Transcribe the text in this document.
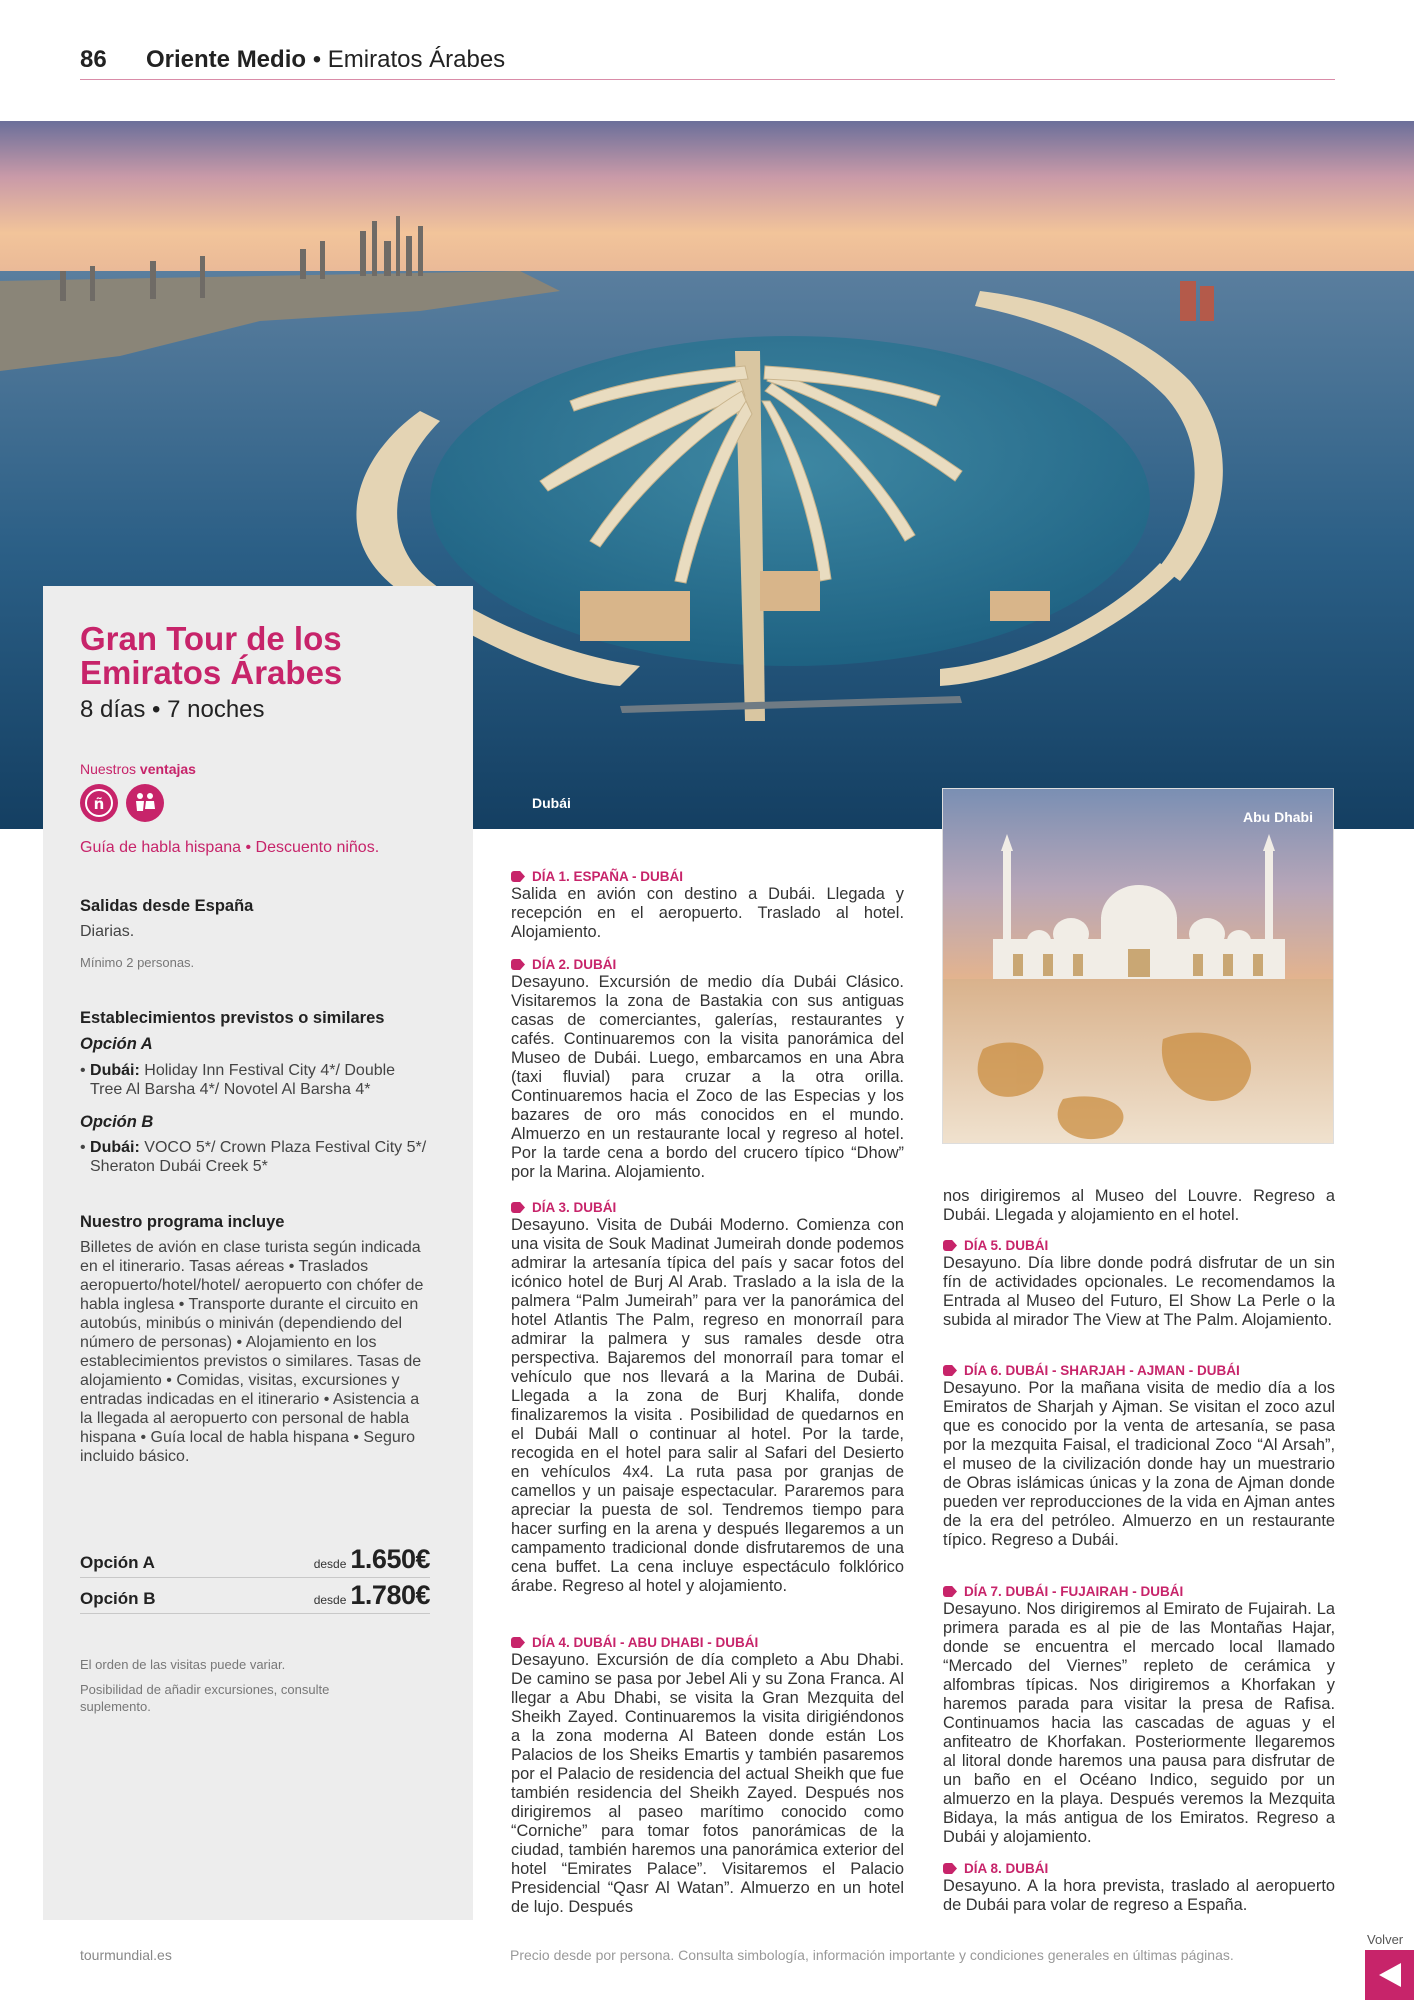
86 Oriente Medio • Emiratos Árabes
Dubái
Gran Tour de los Emiratos Árabes
8 días • 7 noches
Nuestros ventajas
ñ

Guía de habla hispana • Descuento niños.
Salidas desde España
Diarias.
Mínimo 2 personas.
Establecimientos previstos o similares
Opción A
• Dubái: Holiday Inn Festival City 4*/ Double Tree Al Barsha 4*/ Novotel Al Barsha 4*
Opción B
• Dubái: VOCO 5*/ Crown Plaza Festival City 5*/ Sheraton Dubái Creek 5*
Nuestro programa incluye
Billetes de avión en clase turista según indicada en el itinerario. Tasas aéreas • Traslados aeropuerto/hotel/hotel/ aeropuerto con chófer de habla inglesa • Transporte durante el circuito en autobús, minibús o miniván (dependiendo del número de personas) • Alojamiento en los establecimientos previstos o similares. Tasas de alojamiento • Comidas, visitas, excursiones y entradas indicadas en el itinerario • Asistencia a la llegada al aeropuerto con personal de habla hispana • Guía local de habla hispana • Seguro incluido básico.
Opción A	desde 1.650€
Opción B	desde 1.780€
El orden de las visitas puede variar.
Posibilidad de añadir excursiones, consulte suplemento.
DÍA 1. ESPAÑA - DUBÁI
Salida en avión con destino a Dubái. Llegada y recepción en el aeropuerto. Traslado al hotel. Alojamiento.
DÍA 2. DUBÁI
Desayuno. Excursión de medio día Dubái Clásico. Visitaremos la zona de Bastakia con sus antiguas casas de comerciantes, galerías, restaurantes y cafés. Continuaremos con la visita panorámica del Museo de Dubái. Luego, embarcamos en una Abra (taxi fluvial) para cruzar a la otra orilla. Continuaremos hacia el Zoco de las Especias y los bazares de oro más conocidos en el mundo. Almuerzo en un restaurante local y regreso al hotel. Por la tarde cena a bordo del crucero típico “Dhow” por la Marina. Alojamiento.
DÍA 3. DUBÁI
Desayuno. Visita de Dubái Moderno. Comienza con una visita de Souk Madinat Jumeirah donde podemos admirar la artesanía típica del país y sacar fotos del icónico hotel de Burj Al Arab. Traslado a la isla de la palmera “Palm Jumeirah” para ver la panorámica del hotel Atlantis The Palm, regreso en monorraíl para admirar la palmera y sus ramales desde otra perspectiva. Bajaremos del monorraíl para tomar el vehículo que nos llevará a la Marina de Dubái. Llegada a la zona de Burj Khalifa, donde finalizaremos la visita . Posibilidad de quedarnos en el Dubái Mall o continuar al hotel. Por la tarde, recogida en el hotel para salir al Safari del Desierto en vehículos 4x4. La ruta pasa por granjas de camellos y un paisaje espectacular. Pararemos para apreciar la puesta de sol. Tendremos tiempo para hacer surfing en la arena y después llegaremos a un campamento tradicional donde disfrutaremos de una cena buffet. La cena incluye espectáculo folklórico árabe. Regreso al hotel y alojamiento.
DÍA 4. DUBÁI - ABU DHABI - DUBÁI
Desayuno. Excursión de día completo a Abu Dhabi. De camino se pasa por Jebel Ali y su Zona Franca. Al llegar a Abu Dhabi, se visita la Gran Mezquita del Sheikh Zayed. Continuaremos la visita dirigiéndonos a la zona moderna Al Bateen donde están Los Palacios de los Sheiks Emartis y también pasaremos por el Palacio de residencia del actual Sheikh que fue también residencia del Sheikh Zayed. Después nos dirigiremos al paseo marítimo conocido como “Corniche” para tomar fotos panorámicas de la ciudad, también haremos una panorámica exterior del hotel “Emirates Palace”. Visitaremos el Palacio Presidencial “Qasr Al Watan”. Almuerzo en un hotel de lujo. Después
Abu Dhabi
nos dirigiremos al Museo del Louvre. Regreso a Dubái. Llegada y alojamiento en el hotel.
DÍA 5. DUBÁI
Desayuno. Día libre donde podrá disfrutar de un sin fín de actividades opcionales. Le recomendamos la Entrada al Museo del Futuro, El Show La Perle o la subida al mirador The View at The Palm. Alojamiento.
DÍA 6. DUBÁI - SHARJAH - AJMAN - DUBÁI
Desayuno. Por la mañana visita de medio día a los Emiratos de Sharjah y Ajman. Se visitan el zoco azul que es conocido por la venta de artesanía, se pasa por la mezquita Faisal, el tradicional Zoco “Al Arsah”, el museo de la civilización donde hay un muestrario de Obras islámicas únicas y la zona de Ajman donde pueden ver reproducciones de la vida en Ajman antes de la era del petróleo. Almuerzo en un restaurante típico. Regreso a Dubái.
DÍA 7. DUBÁI - FUJAIRAH - DUBÁI
Desayuno. Nos dirigiremos al Emirato de Fujairah. La primera parada es al pie de las Montañas Hajar, donde se encuentra el mercado local llamado “Mercado del Viernes” repleto de cerámica y alfombras típicas. Nos dirigiremos a Khorfakan y haremos parada para visitar la presa de Rafisa. Continuamos hacia las cascadas de aguas y el anfiteatro de Khorfakan. Posteriormente llegaremos al litoral donde haremos una pausa para disfrutar de un baño en el Océano Indico, seguido por un almuerzo en la playa. Después veremos la Mezquita Bidaya, la más antigua de los Emiratos. Regreso a Dubái y alojamiento.
DÍA 8. DUBÁI
Desayuno. A la hora prevista, traslado al aeropuerto de Dubái para volar de regreso a España.
tourmundial.es	Precio desde por persona. Consulta simbología, información importante y condiciones generales en últimas páginas.
Volver
